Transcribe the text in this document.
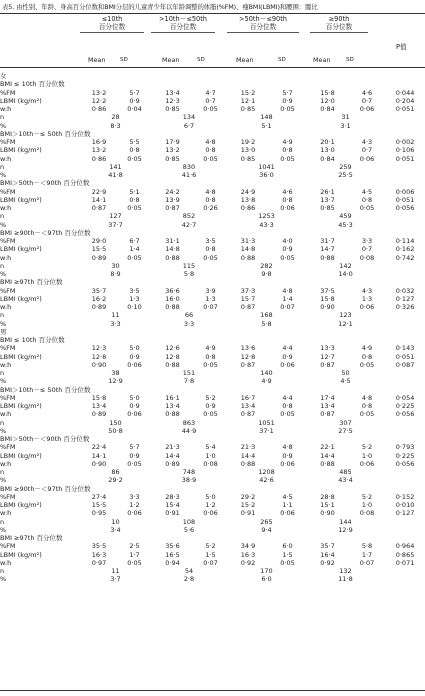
表5. 由性别、年龄、身高百分位数和BMI分层的儿童青少年以年龄调整的体脂(%FM)、瘦BMI(LBMI)和腰围：髋比
≤10th
百分位数
>10th－≤50th
百分位数
>50th－≤90th
百分位数
≥90th
百分位数
Mean	SD	Mean	SD	Mean	SD	Mean	SD
P值
女									
BMI ≤ 10th 百分位数									
%FM	13·2	5·7	13·4	4·7	15·2	5·7	15·8	4·6	0·044
LBMI (kg/m²)	12·2	0·9	12·3	0·7	12·1	0·9	12·0	0·7	0·204
w:h	0·86	0·04	0·85	0·05	0·85	0·05	0·84	0·06	0·051
n	28		134		148		31		
%	8·3		6·7		5·1		3·1		
BMI＞10th－≤ 50th 百分位数									
%FM	16·9	5·5	17·9	4·8	19·2	4·9	20·1	4·3	0·002
LBMI (kg/m²)	13·2	0·8	13·2	0·8	13·0	0·8	13·0	0·7	0·106
w:h	0·86	0·05	0·85	0·05	0·85	0·05	0·84	0·06	0·051
n	141		830		1041		259		
%	41·8		41·6		36·0		25·5		
BMI＞50th－＜90th 百分位数									
%FM	22·9	5·1	24·2	4·8	24·9	4·6	26·1	4·5	0·006
LBMI (kg/m²)	14·1	0·8	13·9	0·8	13·8	0·8	13·7	0·8	0·051
w:h	0·87	0·05	0·87	0·26	0·86	0·06	0·85	0·05	0·056
n	127		852		1253		459		
%	37·7		42·7		43·3		45·3		
BMI ≥90th－＜97th 百分位数									
%FM	29·0	6·7	31·1	3·5	31·3	4·0	31·7	3·3	0·114
LBMI (kg/m²)	15·5	1·4	14·8	0·8	14·8	0·9	14·7	0·7	0·162
w:h	0·89	0·05	0·88	0·05	0·88	0·05	0·88	0·08	0·742
n	30		115		282		142		
%	8·9		5·8		9·8		14·0		
BMI ≥97th 百分位数									
%FM	35·7	3·5	36·6	3·9	37·3	4·8	37·5	4·3	0·032
LBMI (kg/m²)	16·2	1·3	16·0	1·3	15·7	1·4	15·8	1·3	0·127
w:h	0·89	0·10	0·88	0·07	0·87	0·07	0·90	0·06	0·326
n	11		66		168		123		
%	3·3		3·3		5·8		12·1		
男									
BMI ≤ 10th 百分位数									
%FM	12·3	5·0	12·6	4·9	13·6	4·4	13·3	4·9	0·143
LBMI (kg/m²)	12·8	0·9	12·8	0·8	12·8	0·9	12·7	0·8	0·051
w:h	0·90	0·06	0·88	0·05	0·87	0·06	0·87	0·05	0·087
n	38		151		140		50		
%	12·9		7·8		4·9		4·5		
BMI＞10th－≤ 50th 百分位数									
%FM	15·8	5·0	16·1	5·2	16·7	4·4	17·4	4·8	0·054
LBMI (kg/m²)	13·4	0·9	13·4	0·9	13·4	0·8	13·4	0·8	0·225
w:h	0·89	0·06	0·88	0·05	0·87	0·05	0·87	0·05	0·056
n	150		863		1051		307		
%	50·8		44·9		37·1		27·5		
BMI＞50th－＜90th 百分位数									
%FM	22·4	5·7	21·3	5·4	21·3	4·8	22·1	5·2	0·793
LBMI (kg/m²)	14·1	0·9	14·4	1·0	14·4	0·9	14·4	1·0	0·225
w:h	0·90	0·05	0·89	0·08	0·88	0·06	0·88	0·06	0·056
n	86		748		1208		485		
%	29·2		38·9		42·6		43·4		
BMI ≥90th－＜97th 百分位数									
%FM	27·4	3·3	28·3	5·0	29·2	4·5	28·8	5·2	0·152
LBMI (kg/m²)	15·5	1·2	15·4	1·2	15·2	1·1	15·1	1·0	0·010
w:h	0·95	0·06	0·91	0·06	0·91	0·06	0·90	0·08	0·127
n	10		108		265		144		
%	3·4		5·6		9·4		12·9		
BMI ≥97th 百分位数									
%FM	35·5	2·5	35·6	5·2	34·9	6·0	35·7	5·8	0·964
LBMI (kg/m²)	16·3	1·7	16·5	1·5	16·3	1·5	16·4	1·7	0·865
w:h	0·97	0·05	0·94	0·07	0·92	0·05	0·92	0·07	0·071
n	11		54		170		132		
%	3·7		2·8		6·0		11·8		
